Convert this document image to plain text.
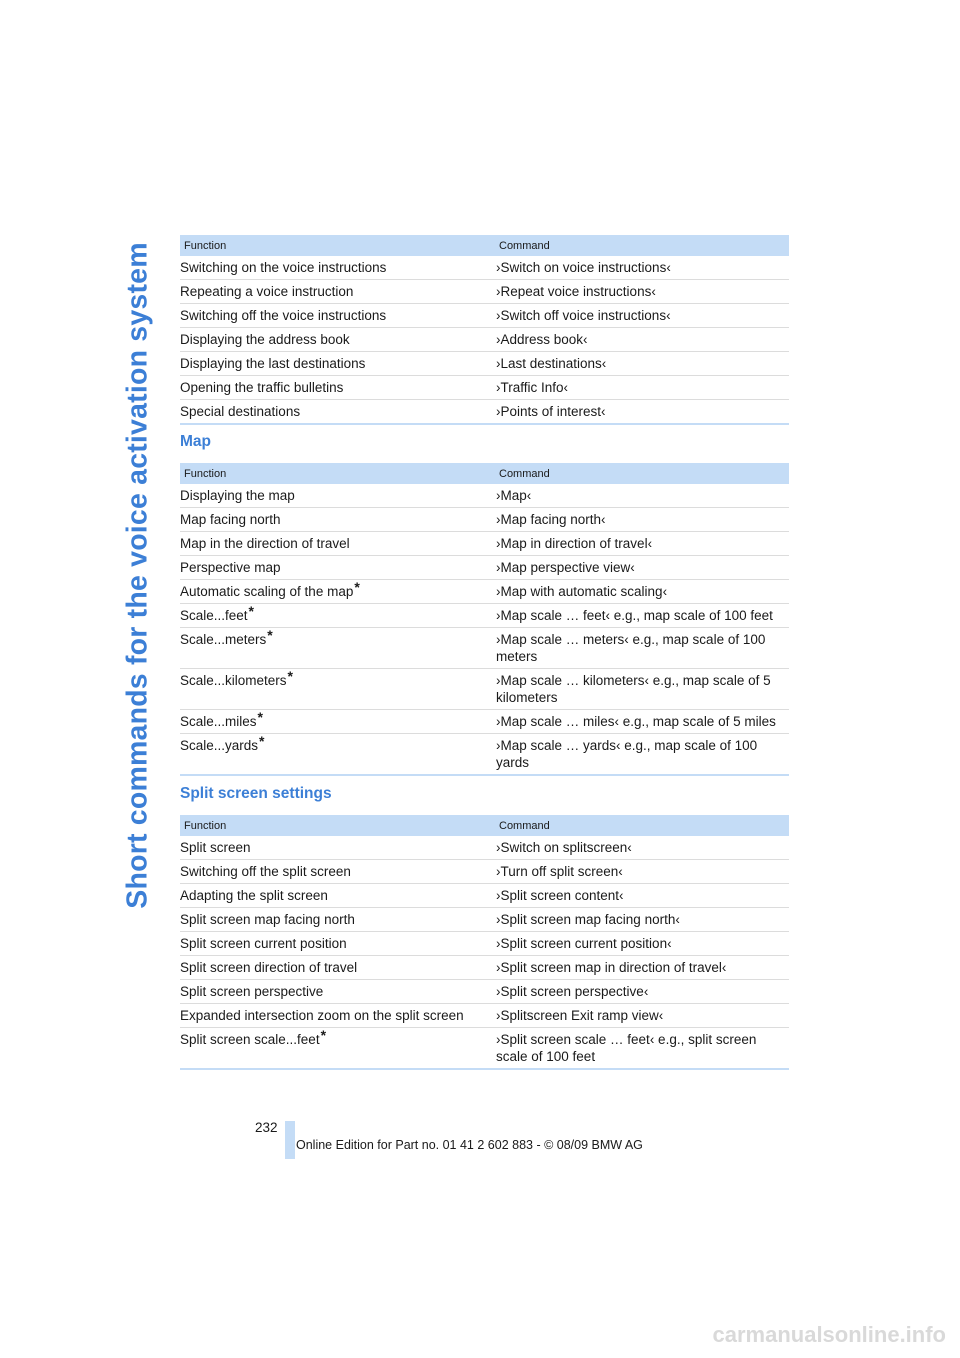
Short commands for the voice activation system	Function	Command
Switching on the voice instructions	›Switch on voice instructions‹
Repeating a voice instruction	›Repeat voice instructions‹
Switching off the voice instructions	›Switch off voice instructions‹
Displaying the address book	›Address book‹
Displaying the last destinations	›Last destinations‹
Opening the traffic bulletins	›Traffic Info‹
Special destinations	›Points of interest‹
Map
Function	Command
Displaying the map	›Map‹
Map facing north	›Map facing north‹
Map in the direction of travel	›Map in direction of travel‹
Perspective map	›Map perspective view‹
Automatic scaling of the map*	›Map with automatic scaling‹
Scale...feet*	›Map scale … feet‹ e.g., map scale of 100 feet
Scale...meters*	›Map scale … meters‹ e.g., map scale of 100 meters
Scale...kilometers*	›Map scale … kilometers‹ e.g., map scale of 5 kilometers
Scale...miles*	›Map scale … miles‹ e.g., map scale of 5 miles
Scale...yards*	›Map scale … yards‹ e.g., map scale of 100 yards
Split screen settings
Function	Command
Split screen	›Switch on splitscreen‹
Switching off the split screen	›Turn off split screen‹
Adapting the split screen	›Split screen content‹
Split screen map facing north	›Split screen map facing north‹
Split screen current position	›Split screen current position‹
Split screen direction of travel	›Split screen map in direction of travel‹
Split screen perspective	›Split screen perspective‹
Expanded intersection zoom on the split screen	›Splitscreen Exit ramp view‹
Split screen scale...feet*	›Split screen scale … feet‹ e.g., split screen scale of 100 feet
232
Online Edition for Part no. 01 41 2 602 883 - © 08/09 BMW AG
carmanualsonline.info
